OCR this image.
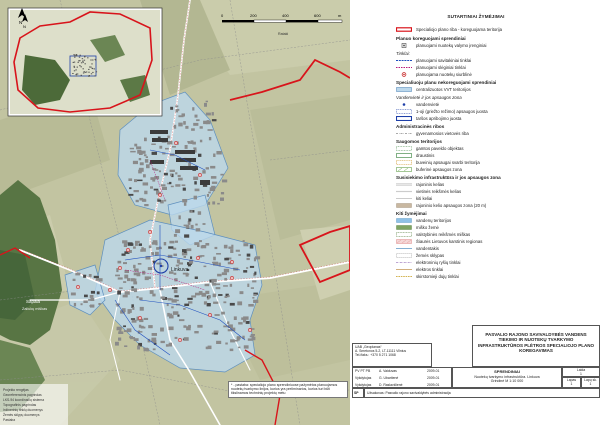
Linkuva
Sapala
Zaliukų miškas
Rataki
0	200	400	600	m
N
N
Projekto rengėjas
Georeferencinis pagrindas
LKS-94 koordinačių sistema
Topografinis pagrindas
Inžinerinių tinklų duomenys
Žemės sklypų duomenys
Pastaba
SUTARTINIAI ŽYMĖJIMAI
Specialiojo plano riba - koreguojama teritorija
Planuo koreguojami sprendiniai
planuojami nuotekų valymo įrenginiai
Tinklai:
planuojami savitakiniai tinklai
planuojami slėginiai tinklai
planuojama nuotekų siurblinė
Specialiuoju planu nekoreguojami sprendiniai
centralizuotos VVT teritorijos
Vandenvietė ir jos apsaugos zona
vandenvietė
1-oji (griežto režimo) apsaugos juosta
taršos apribojimo juosta
Administracinės ribos
gyvenamosios vietovės riba
Saugomos teritorijos
gamtos paveldo objektas
draustinis
buveinių apsaugai svarbi teritorija
buferinė apsaugos zona
Susisiekimo infrastruktūra ir jos apsaugos zona
rajoninis kelias
vietinės reikšmės kelias
kiti keliai
rajoninio kelio apsaugos zona (20 m)
Kiti žymėjimai
vandenų teritorijos
miško žemė
valstybinės reikšmės miškas
Šiaurės Lietuvos karstinis regionas
vandentakis
žemės sklypas
elektroninių ryšių tinklai
elektros tinklai
skirstomieji dujų tinklai
UAB „Geoplanas“
A. Smetonos 5-2, LT-11111 Vilnius
Tel./faks.: +370 5 271 1068
PASVALIO RAJONO SAVIVALDYBĖS VANDENS TIEKIMO IR NUOTEKŲ TVARKYMO INFRASTRUKTŪROS PLĖTROS SPECIALIOJO PLANO KOREGAVIMAS
PV PT PB	A. Vaiduvas	2009-01
Vykdytojas G. Ubartienė	2009-01
Vykdytojas D. Raslavičienė	2009-01
SPRENDINIAI
Nuotekų tvarkymo infrastruktūra. Linkuva
Grindinė M 1:10 000
Laida
1
Lapas
1
Lapų sk.
1
SP	Užsakovas: Pasvalio rajono savivaldybės administracija
* - pastaba: specialiojo plano sprendiniuose pažymėtos planuojamos nuotekų tvarkymo linijos, kurios yra preliminarios, kurios turi būti tikslinamos techninių projektų metu
